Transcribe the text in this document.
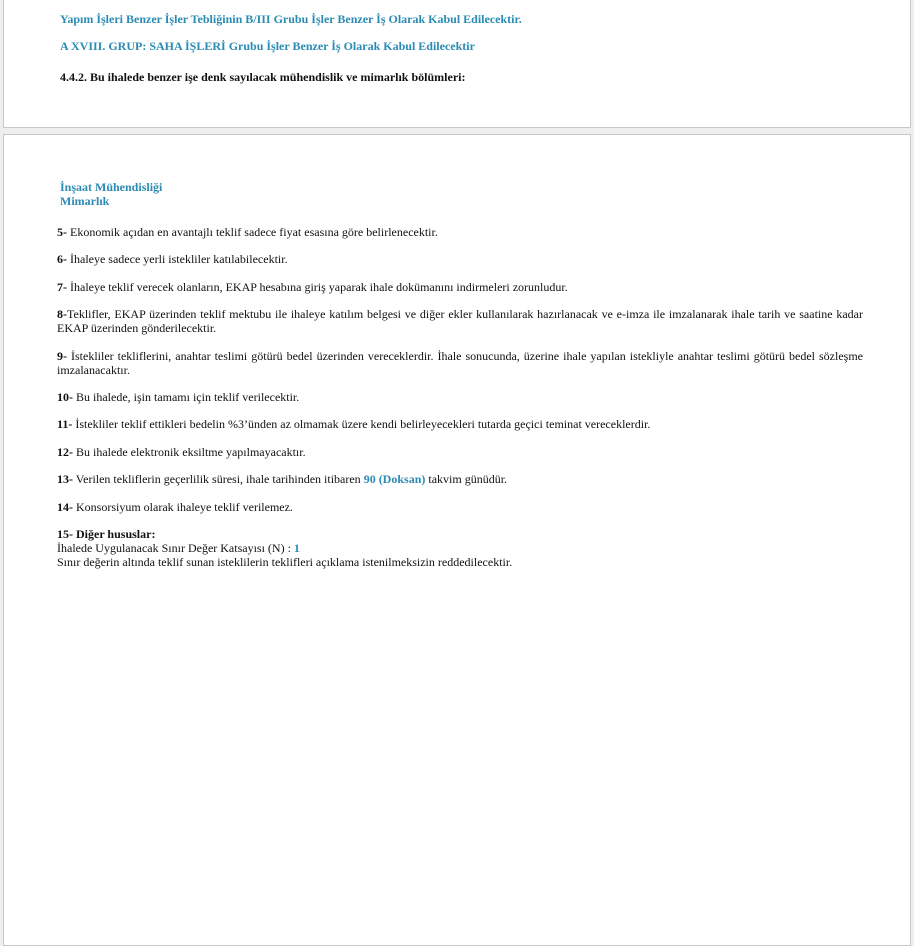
Yapım İşleri Benzer İşler Tebliğinin B/III Grubu İşler Benzer İş Olarak Kabul Edilecektir.
A XVIII. GRUP: SAHA İŞLERİ Grubu İşler Benzer İş Olarak Kabul Edilecektir
4.4.2. Bu ihalede benzer işe denk sayılacak mühendislik ve mimarlık bölümleri:
İnşaat Mühendisliği
Mimarlık
5- Ekonomik açıdan en avantajlı teklif sadece fiyat esasına göre belirlenecektir.
6- İhaleye sadece yerli istekliler katılabilecektir.
7- İhaleye teklif verecek olanların, EKAP hesabına giriş yaparak ihale dokümanını indirmeleri zorunludur.
8-Teklifler, EKAP üzerinden teklif mektubu ile ihaleye katılım belgesi ve diğer ekler kullanılarak hazırlanacak ve e-imza ile imzalanarak ihale tarih ve saatine kadar EKAP üzerinden gönderilecektir.
9- İstekliler tekliflerini, anahtar teslimi götürü bedel üzerinden vereceklerdir. İhale sonucunda, üzerine ihale yapılan istekliyle anahtar teslimi götürü bedel sözleşme imzalanacaktır.
10- Bu ihalede, işin tamamı için teklif verilecektir.
11- İstekliler teklif ettikleri bedelin %3’ünden az olmamak üzere kendi belirleyecekleri tutarda geçici teminat vereceklerdir.
12- Bu ihalede elektronik eksiltme yapılmayacaktır.
13- Verilen tekliflerin geçerlilik süresi, ihale tarihinden itibaren 90 (Doksan) takvim günüdür.
14- Konsorsiyum olarak ihaleye teklif verilemez.
15- Diğer hususlar:
İhalede Uygulanacak Sınır Değer Katsayısı (N) : 1
Sınır değerin altında teklif sunan isteklilerin teklifleri açıklama istenilmeksizin reddedilecektir.
